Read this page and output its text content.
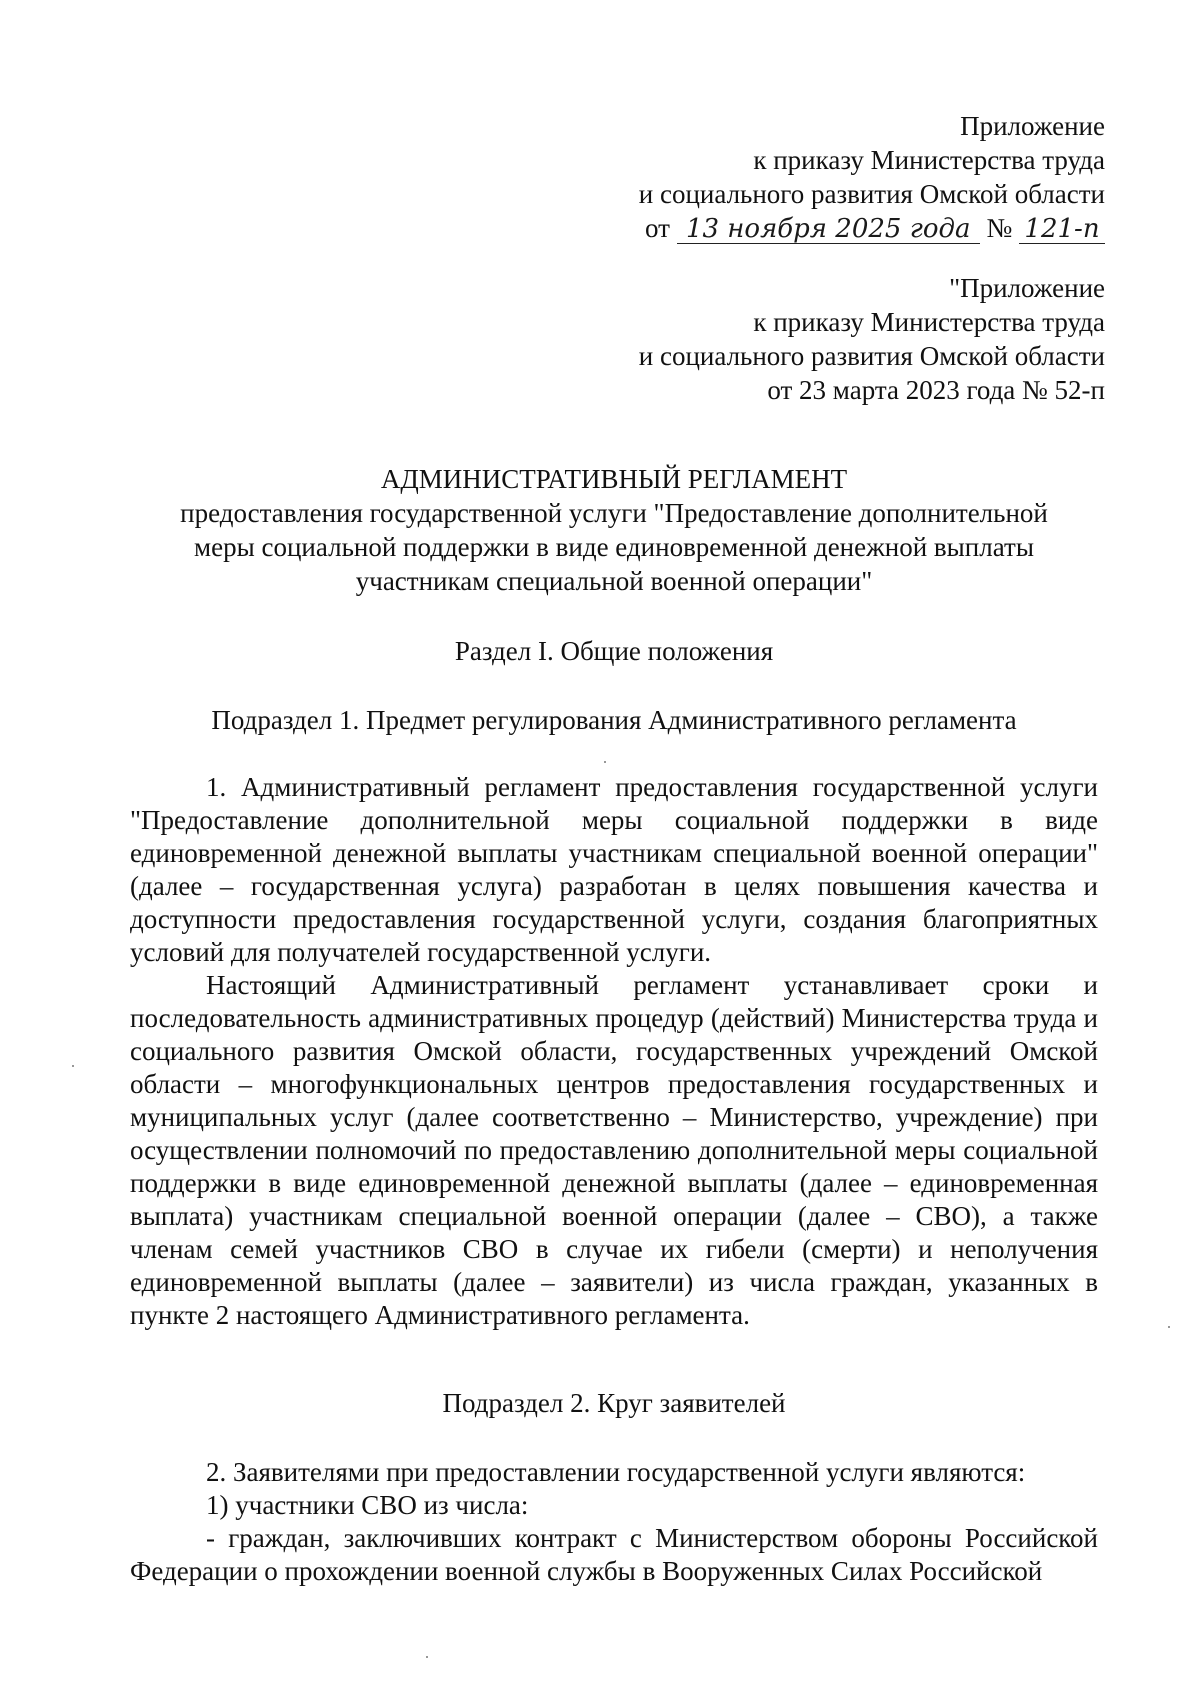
Приложение
к приказу Министерства труда
и социального развития Омской области
от 13 ноября 2025 года № 121-п
"Приложение
к приказу Министерства труда
и социального развития Омской области
от 23 марта 2023 года № 52-п
АДМИНИСТРАТИВНЫЙ РЕГЛАМЕНТ
предоставления государственной услуги "Предоставление дополнительной
меры социальной поддержки в виде единовременной денежной выплаты
участникам специальной военной операции"
Раздел I. Общие положения
Подраздел 1. Предмет регулирования Административного регламента

1. Административный регламент предоставления государственной услуги "Предоставление дополнительной меры социальной поддержки в виде единовременной денежной выплаты участникам специальной военной операции" (далее – государственная услуга) разработан в целях повышения качества и доступности предоставления государственной услуги, создания благоприятных условий для получателей государственной услуги.

Настоящий Административный регламент устанавливает сроки и последовательность административных процедур (действий) Министерства труда и социального развития Омской области, государственных учреждений Омской области – многофункциональных центров предоставления государственных и муниципальных услуг (далее соответственно – Министерство, учреждение) при осуществлении полномочий по предоставлению дополнительной меры социальной поддержки в виде единовременной денежной выплаты (далее – единовременная выплата) участникам специальной военной операции (далее – СВО), а также членам семей участников СВО в случае их гибели (смерти) и неполучения единовременной выплаты (далее – заявители) из числа граждан, указанных в пункте 2 настоящего Административного регламента.

Подраздел 2. Круг заявителей

2. Заявителями при предоставлении государственной услуги являются:

1) участники СВО из числа:

- граждан, заключивших контракт с Министерством обороны Российской Федерации о прохождении военной службы в Вооруженных Силах Российской
